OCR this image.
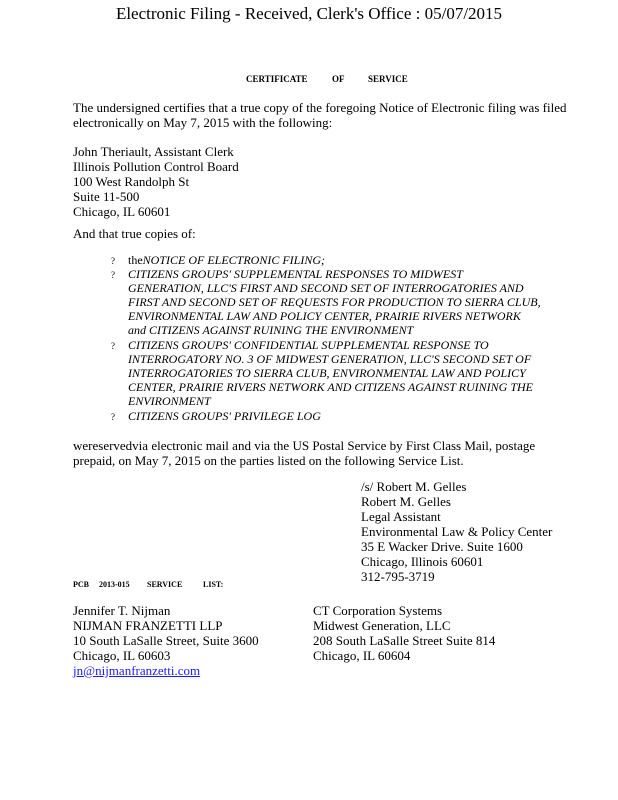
Electronic Filing - Received, Clerk's Office : 05/07/2015
CERTIFICATE	OF	SERVICE
The undersigned certifies that a true copy of the foregoing Notice of Electronic filing was filed
electronically on May 7, 2015 with the following:
John Theriault, Assistant Clerk
Illinois Pollution Control Board
100 West Randolph St
Suite 11-500
Chicago, IL 60601
And that true copies of:
? theNOTICE OF ELECTRONIC FILING;
? CITIZENS GROUPS' SUPPLEMENTAL RESPONSES TO MIDWEST
GENERATION, LLC'S FIRST AND SECOND SET OF INTERROGATORIES AND
FIRST AND SECOND SET OF REQUESTS FOR PRODUCTION TO SIERRA CLUB,
ENVIRONMENTAL LAW AND POLICY CENTER, PRAIRIE RIVERS NETWORK
and CITIZENS AGAINST RUINING THE ENVIRONMENT
? CITIZENS GROUPS' CONFIDENTIAL SUPPLEMENTAL RESPONSE TO
INTERROGATORY NO. 3 OF MIDWEST GENERATION, LLC'S SECOND SET OF
INTERROGATORIES TO SIERRA CLUB, ENVIRONMENTAL LAW AND POLICY
CENTER, PRAIRIE RIVERS NETWORK AND CITIZENS AGAINST RUINING THE
ENVIRONMENT
? CITIZENS GROUPS' PRIVILEGE LOG
wereservedvia electronic mail and via the US Postal Service by First Class Mail, postage
prepaid, on May 7, 2015 on the parties listed on the following Service List.
/s/ Robert M. Gelles
Robert M. Gelles
Legal Assistant
Environmental Law & Policy Center
35 E Wacker Drive. Suite 1600
Chicago, Illinois 60601
312-795-3719
PCB 2013-015 SERVICE	LIST:
Jennifer T. Nijman
NIJMAN FRANZETTI LLP
10 South LaSalle Street, Suite 3600
Chicago, IL 60603
jn@nijmanfranzetti.com
CT Corporation Systems
Midwest Generation, LLC
208 South LaSalle Street Suite 814
Chicago, IL 60604
